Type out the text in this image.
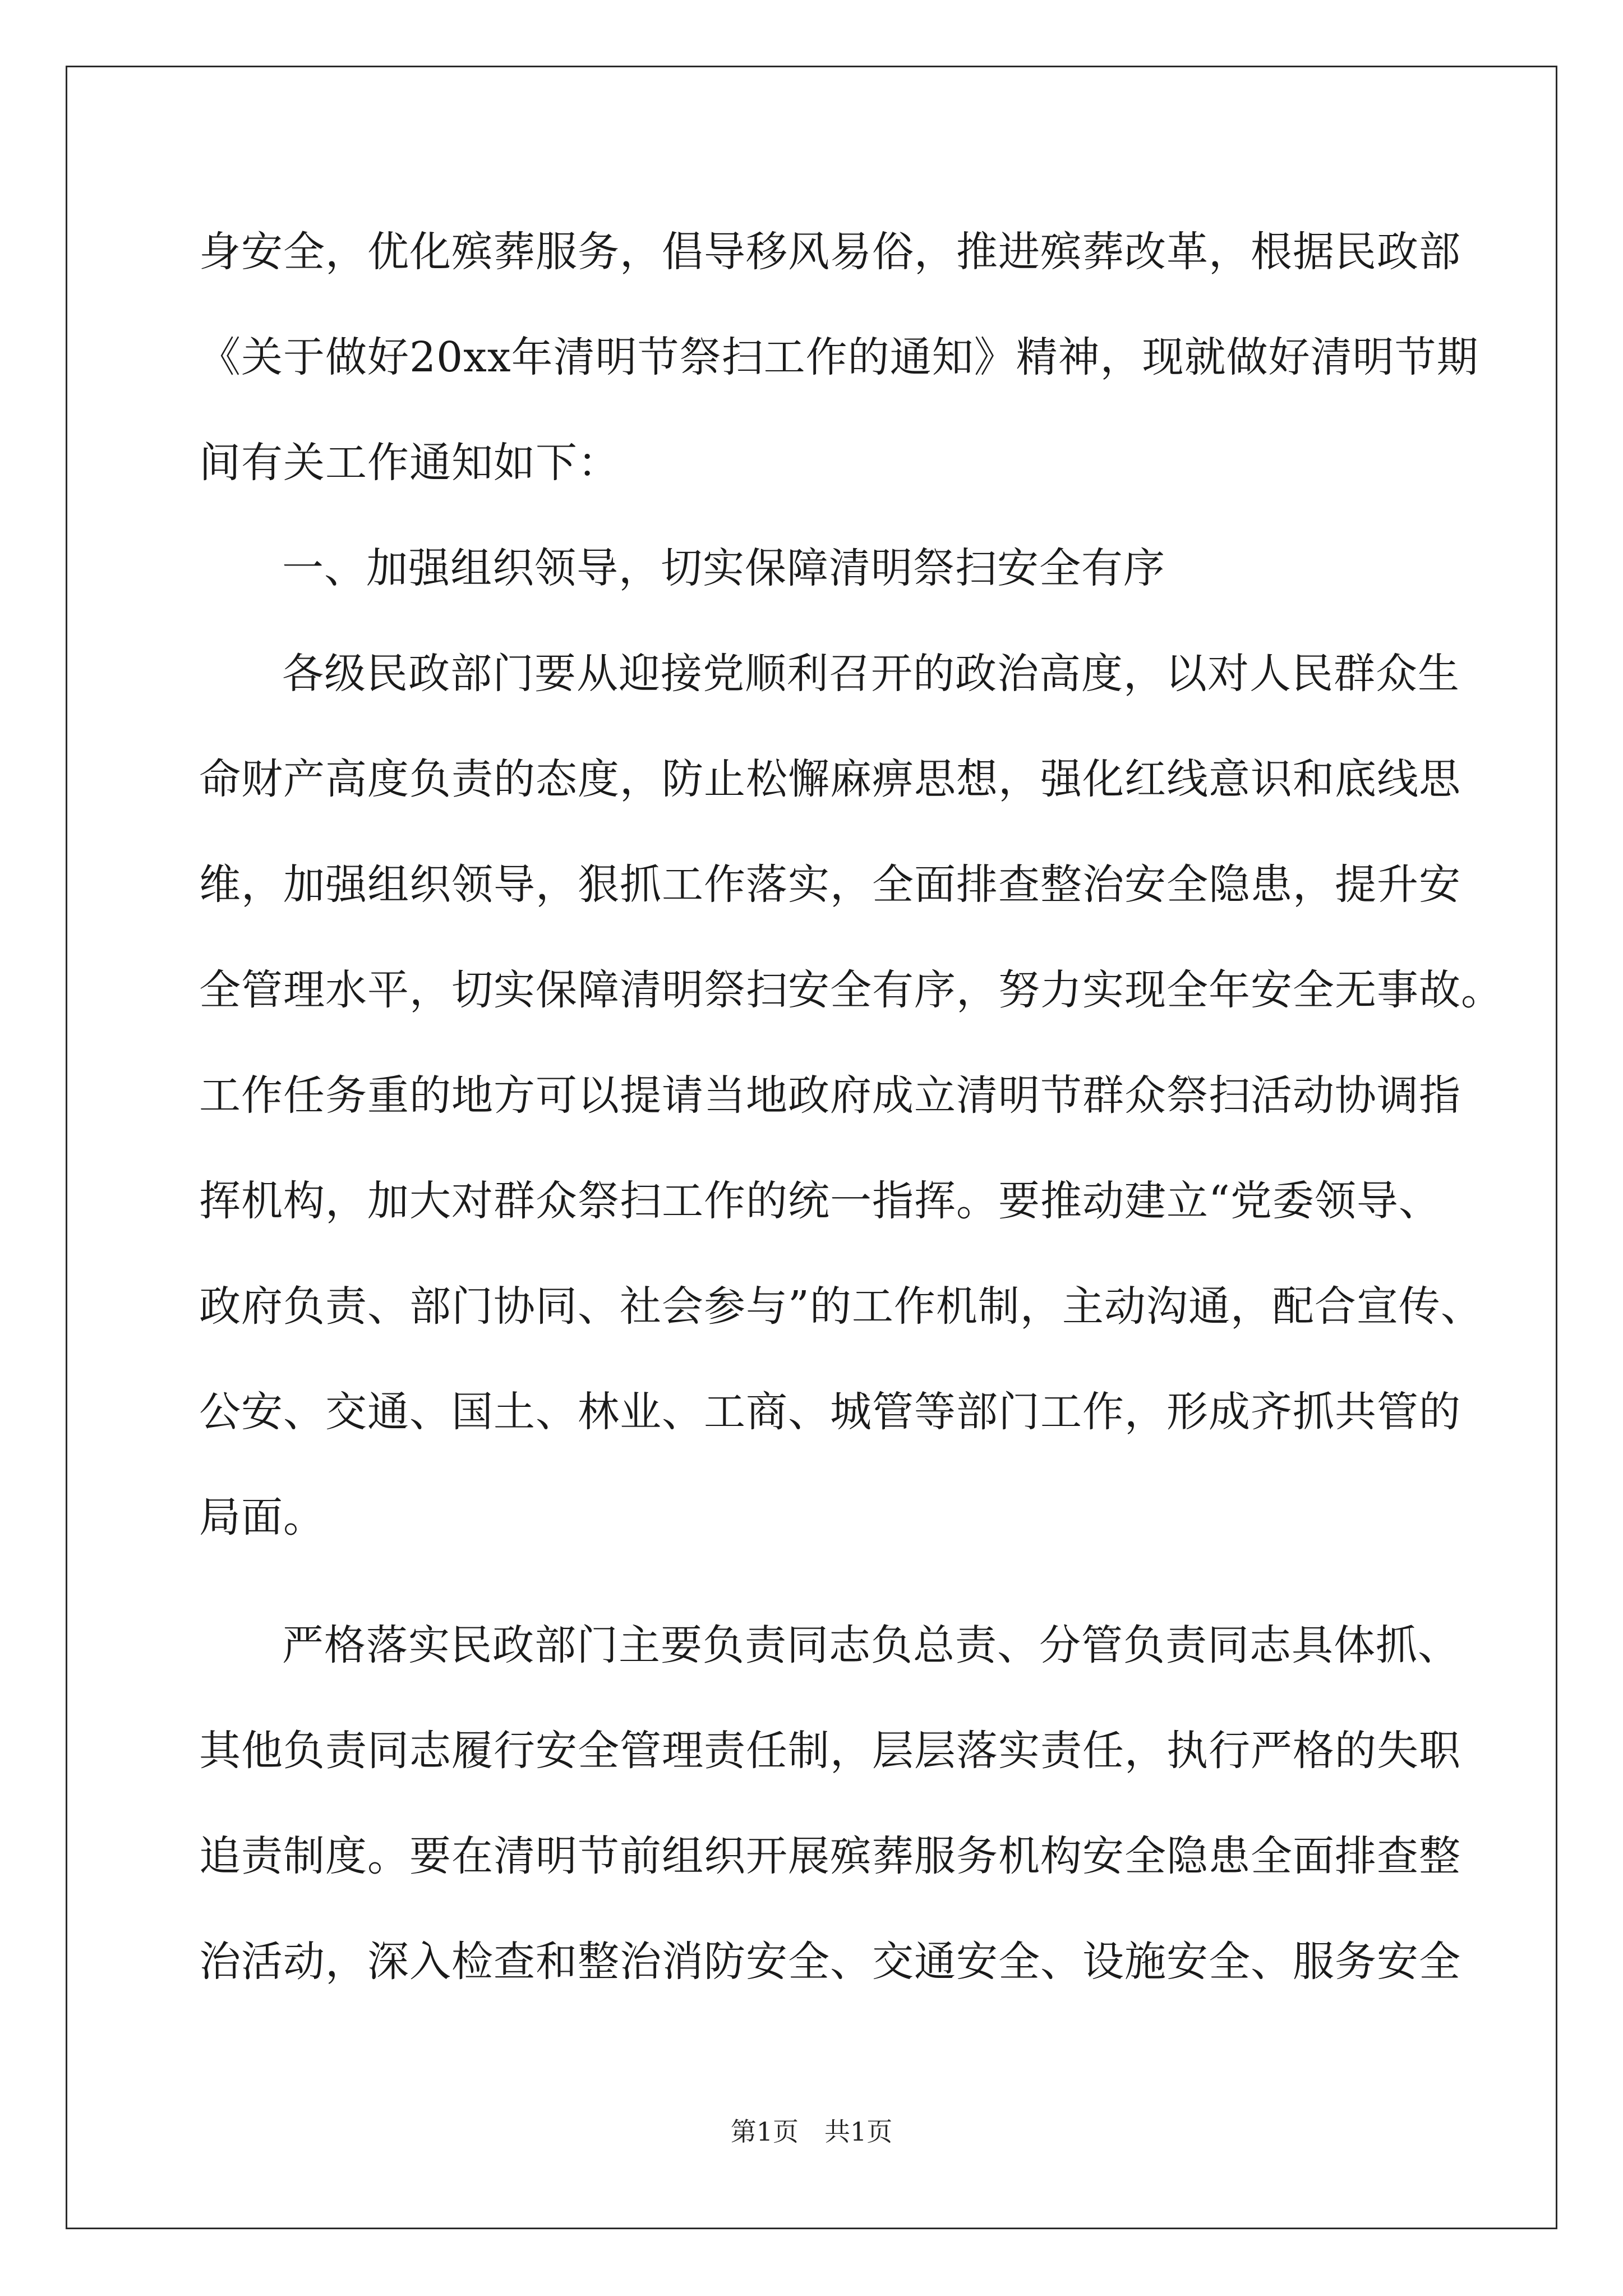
身安全，优化殡葬服务，倡导移风易俗，推进殡葬改革，根据民政部
《关于做好20xx年清明节祭扫工作的通知》精神，现就做好清明节期
间有关工作通知如下：
一、加强组织领导，切实保障清明祭扫安全有序
各级民政部门要从迎接党顺利召开的政治高度，以对人民群众生
命财产高度负责的态度，防止松懈麻痹思想，强化红线意识和底线思
维，加强组织领导，狠抓工作落实，全面排查整治安全隐患，提升安
全管理水平，切实保障清明祭扫安全有序，努力实现全年安全无事故。
工作任务重的地方可以提请当地政府成立清明节群众祭扫活动协调指
挥机构，加大对群众祭扫工作的统一指挥。要推动建立“党委领导、
政府负责、部门协同、社会参与”的工作机制，主动沟通，配合宣传、
公安、交通、国土、林业、工商、城管等部门工作，形成齐抓共管的
局面。
严格落实民政部门主要负责同志负总责、分管负责同志具体抓、
其他负责同志履行安全管理责任制，层层落实责任，执行严格的失职
追责制度。要在清明节前组织开展殡葬服务机构安全隐患全面排查整
治活动，深入检查和整治消防安全、交通安全、设施安全、服务安全
第1页　共1页
